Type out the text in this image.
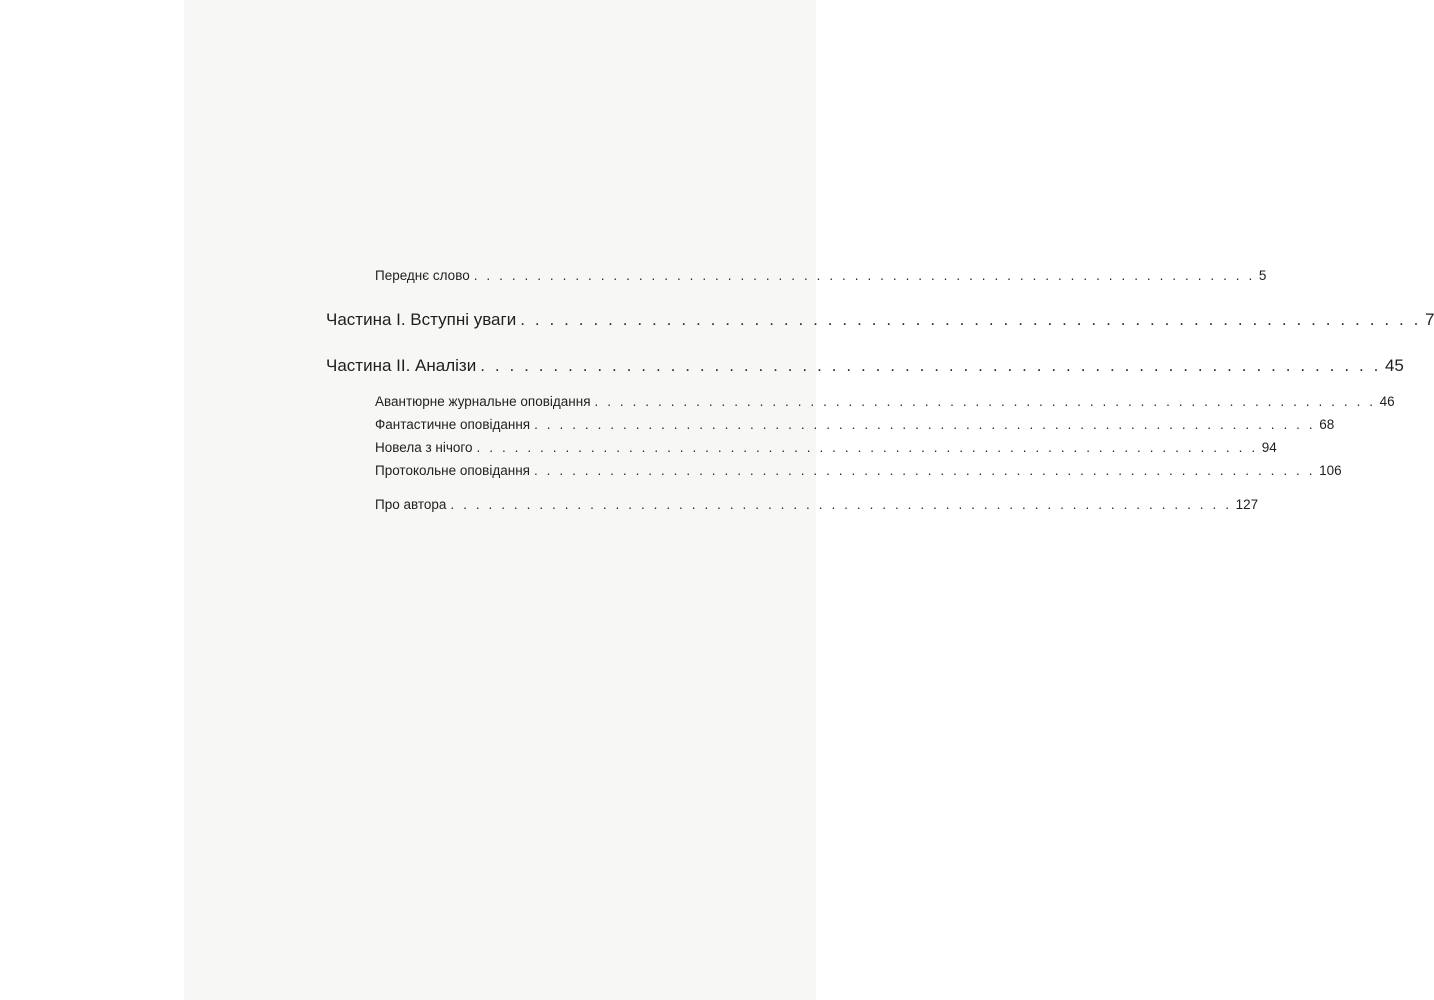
Переднє слово . . . . . . . . . . . . . . . . . . . . . . . . . . . . . . . . . . . . . . . . . . . . . . . . . . . . . . . . . . . . . . 5
Частина І. Вступні уваги . . . . . . . . . . . . . . . . . . . . . . . . . . . . . . . . . . . . . . . . . . . . . . . . . . . . . . . . . . . . . . 7
Частина ІІ. Аналізи . . . . . . . . . . . . . . . . . . . . . . . . . . . . . . . . . . . . . . . . . . . . . . . . . . . . . . . . . . . . . . 45
Авантюрне журнальне оповідання . . . . . . . . . . . . . . . . . . . . . . . . . . . . . . . . . . . . . . . . . . . . . . . . . . . . . . . . . . . . . . 46
Фантастичне оповідання . . . . . . . . . . . . . . . . . . . . . . . . . . . . . . . . . . . . . . . . . . . . . . . . . . . . . . . . . . . . . . 68
Новела з нічого . . . . . . . . . . . . . . . . . . . . . . . . . . . . . . . . . . . . . . . . . . . . . . . . . . . . . . . . . . . . . . 94
Протокольне оповідання . . . . . . . . . . . . . . . . . . . . . . . . . . . . . . . . . . . . . . . . . . . . . . . . . . . . . . . . . . . . . . 106
Про автора . . . . . . . . . . . . . . . . . . . . . . . . . . . . . . . . . . . . . . . . . . . . . . . . . . . . . . . . . . . . . . 127
